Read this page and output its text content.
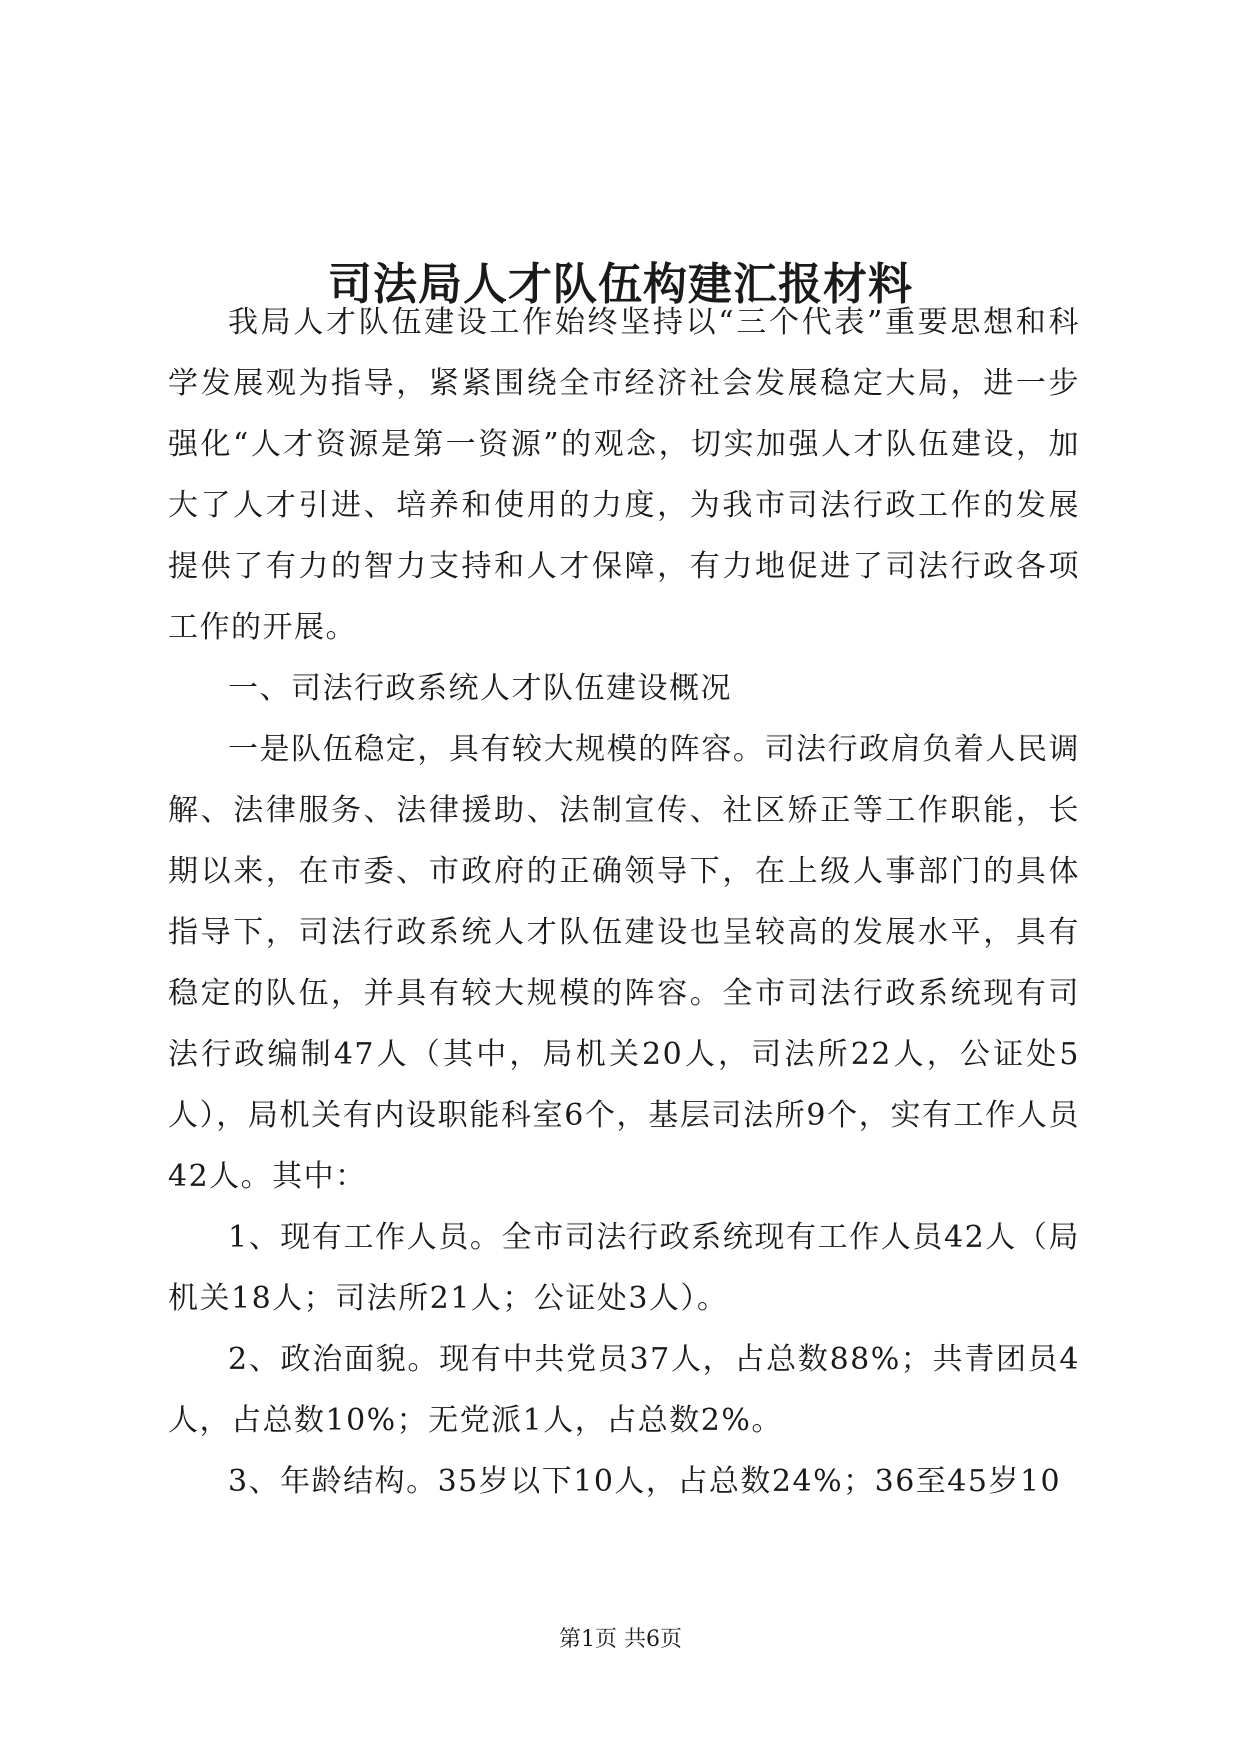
司法局人才队伍构建汇报材料

我局人才队伍建设工作始终坚持以“三个代表”重要思想和科学发展观为指导，紧紧围绕全市经济社会发展稳定大局，进一步强化“人才资源是第一资源”的观念，切实加强人才队伍建设，加大了人才引进、培养和使用的力度，为我市司法行政工作的发展提供了有力的智力支持和人才保障，有力地促进了司法行政各项工作的开展。

一、司法行政系统人才队伍建设概况

一是队伍稳定，具有较大规模的阵容。司法行政肩负着人民调解、法律服务、法律援助、法制宣传、社区矫正等工作职能，长期以来，在市委、市政府的正确领导下，在上级人事部门的具体指导下，司法行政系统人才队伍建设也呈较高的发展水平，具有稳定的队伍，并具有较大规模的阵容。全市司法行政系统现有司法行政编制47人（其中，局机关20人，司法所22人，公证处5人），局机关有内设职能科室6个，基层司法所9个，实有工作人员42人。其中：

1、现有工作人员。全市司法行政系统现有工作人员42人（局机关18人；司法所21人；公证处3人）。

2、政治面貌。现有中共党员37人，占总数88%；共青团员4人，占总数10%；无党派1人，占总数2%。

3、年龄结构。35岁以下10人，占总数24%；36至45岁10

第1页 共6页
